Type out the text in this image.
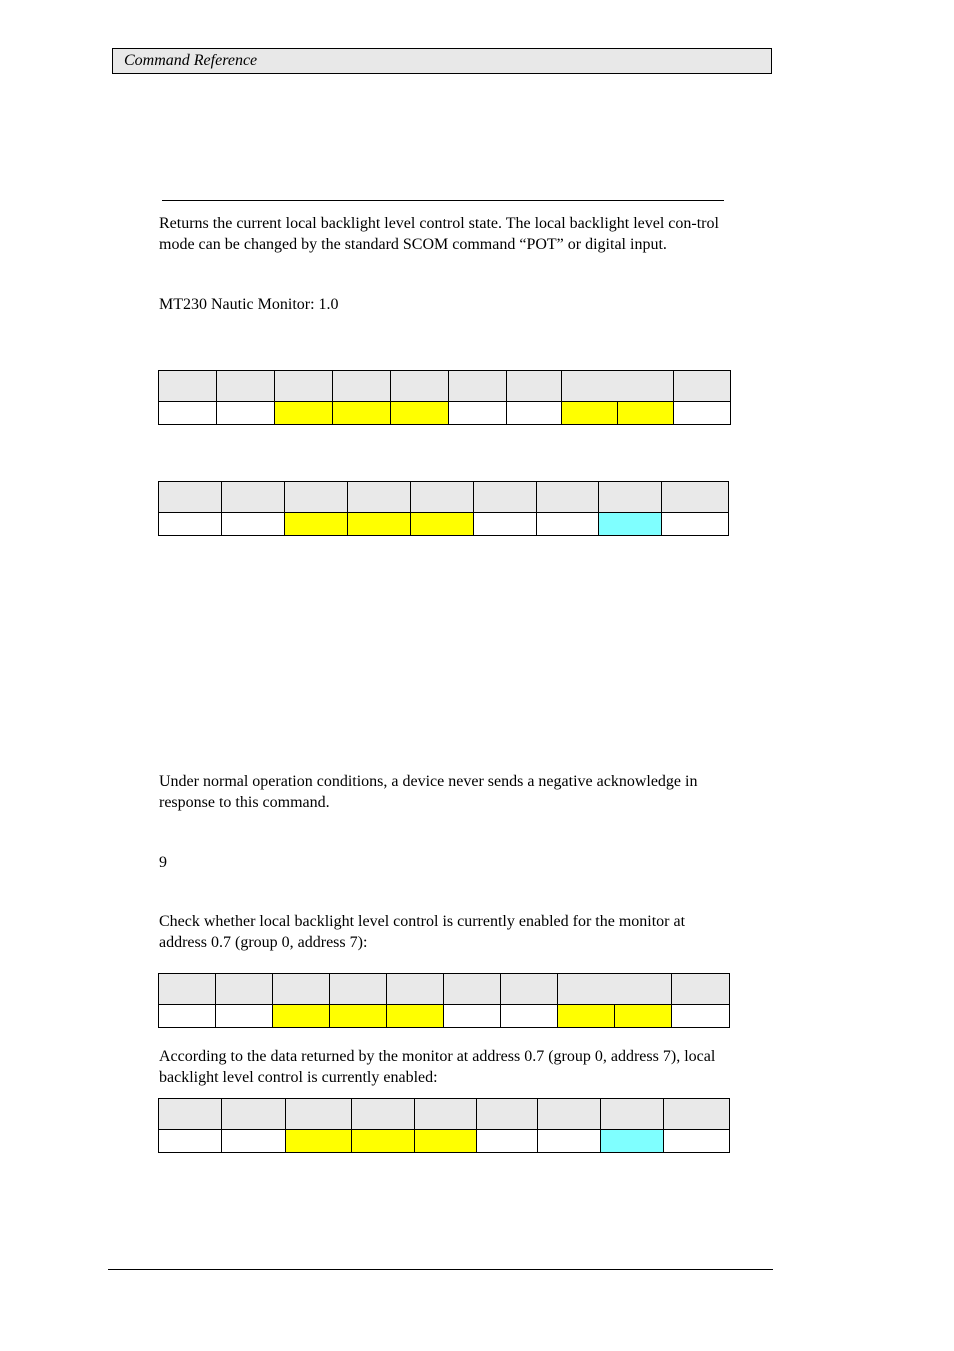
Command Reference

Returns the current local backlight level control state. The local backlight level con-trol mode can be changed by the standard SCOM command “POT” or digital input.

MT230 Nautic Monitor: 1.0

Under normal operation conditions, a device never sends a negative acknowledge in response to this command.

9

Check whether local backlight level control is currently enabled for the monitor at address 0.7 (group 0, address 7):

According to the data returned by the monitor at address 0.7 (group 0, address 7), local backlight level control is currently enabled:
